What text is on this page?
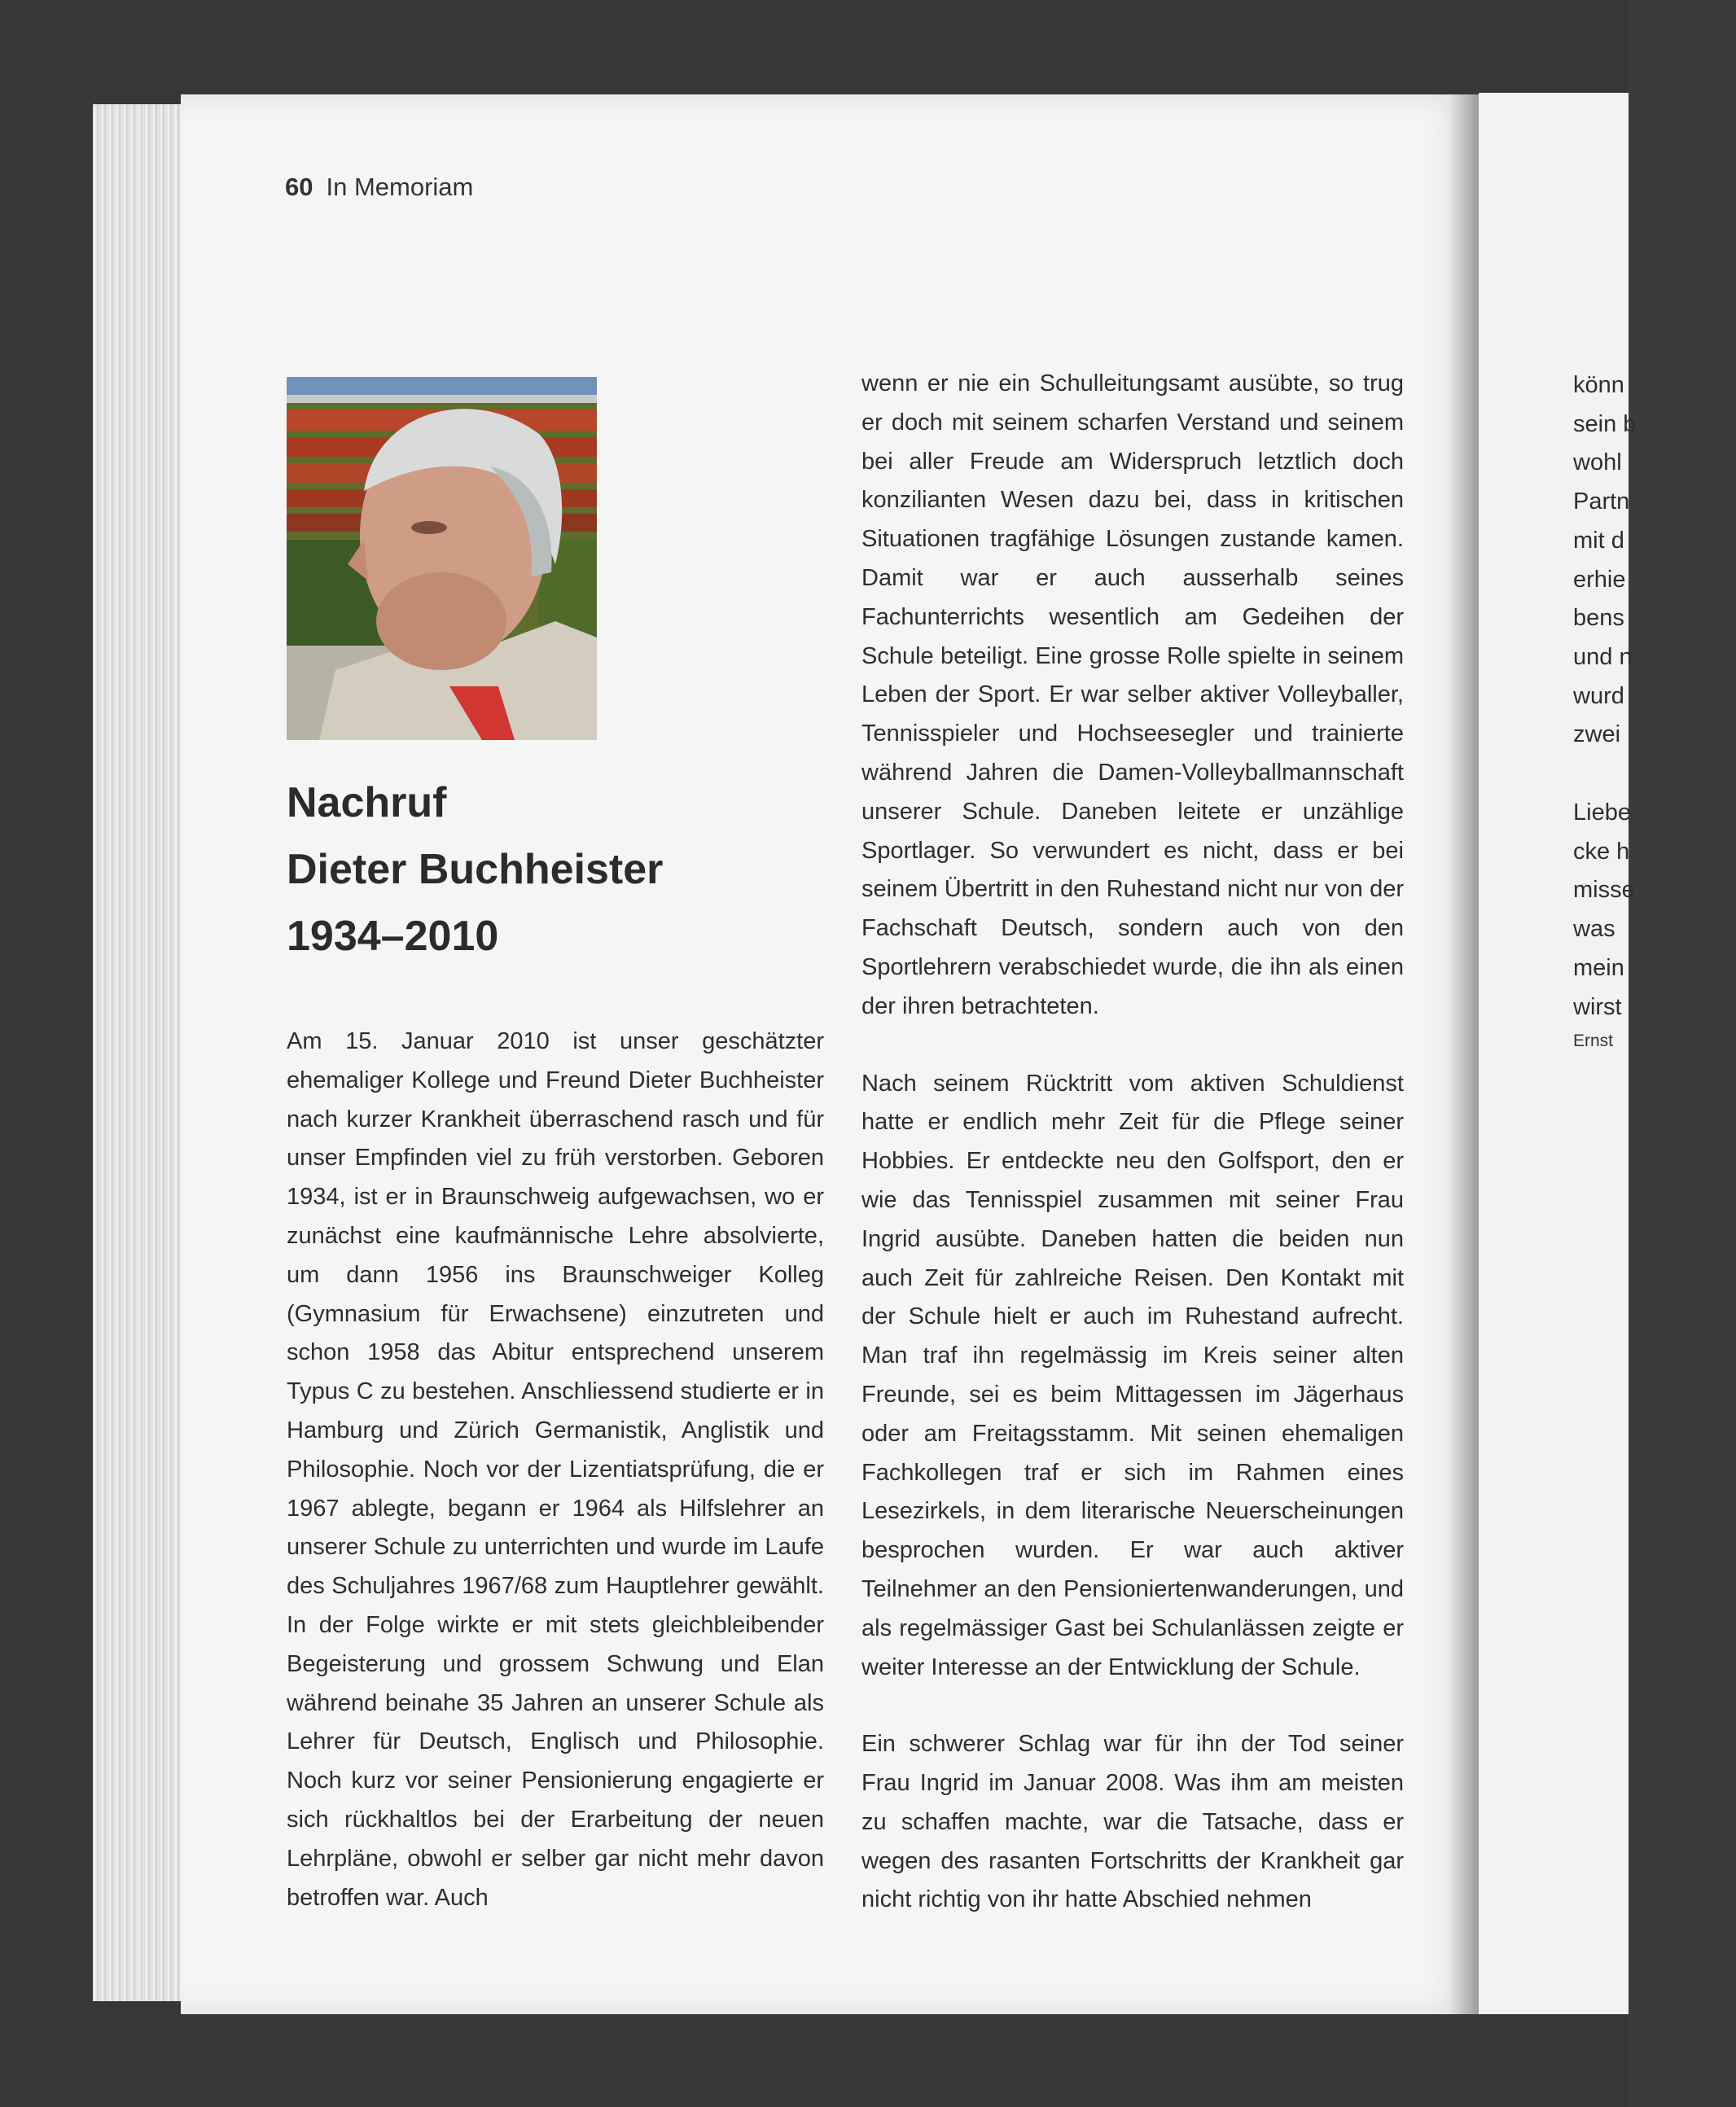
könn
sein b
wohl
Partn
mit d
erhie
bens
und n
wurd
zwei
Liebe
cke h
misse
was
mein
wirst
Ernst
60 In Memoriam
Nachruf
Dieter Buchheister
1934–2010

Am 15. Januar 2010 ist unser geschätzter ehemaliger Kollege und Freund Dieter Buchheister nach kurzer Krankheit überraschend rasch und für unser Empfinden viel zu früh verstorben. Geboren 1934, ist er in Braunschweig aufgewachsen, wo er zunächst eine kaufmännische Lehre absolvierte, um dann 1956 ins Braunschweiger Kolleg (Gymnasium für Erwachsene) einzutreten und schon 1958 das Abitur entsprechend unserem Typus C zu bestehen. Anschliessend studierte er in Hamburg und Zürich Germanistik, Anglistik und Philosophie. Noch vor der Lizentiatsprüfung, die er 1967 ablegte, begann er 1964 als Hilfslehrer an unserer Schule zu unterrichten und wurde im Laufe des Schuljahres 1967/68 zum Hauptlehrer gewählt. In der Folge wirkte er mit stets gleichbleibender Begeisterung und grossem Schwung und Elan während beinahe 35 Jahren an unserer Schule als Lehrer für Deutsch, Englisch und Philosophie. Noch kurz vor seiner Pensionierung engagierte er sich rückhaltlos bei der Erarbeitung der neuen Lehrpläne, obwohl er selber gar nicht mehr davon betroffen war. Auch

wenn er nie ein Schulleitungsamt ausübte, so trug er doch mit seinem scharfen Verstand und seinem bei aller Freude am Widerspruch letztlich doch konzilianten Wesen dazu bei, dass in kritischen Situationen tragfähige Lösungen zustande kamen. Damit war er auch ausserhalb seines Fachunterrichts wesentlich am Gedeihen der Schule beteiligt. Eine grosse Rolle spielte in seinem Leben der Sport. Er war selber aktiver Volleyballer, Tennisspieler und Hochseesegler und trainierte während Jahren die Damen-Volleyballmannschaft unserer Schule. Daneben leitete er unzählige Sportlager. So verwundert es nicht, dass er bei seinem Übertritt in den Ruhestand nicht nur von der Fachschaft Deutsch, sondern auch von den Sportlehrern verabschiedet wurde, die ihn als einen der ihren betrachteten.

Nach seinem Rücktritt vom aktiven Schuldienst hatte er endlich mehr Zeit für die Pflege seiner Hobbies. Er entdeckte neu den Golfsport, den er wie das Tennisspiel zusammen mit seiner Frau Ingrid ausübte. Daneben hatten die beiden nun auch Zeit für zahlreiche Reisen. Den Kontakt mit der Schule hielt er auch im Ruhestand aufrecht. Man traf ihn regelmässig im Kreis seiner alten Freunde, sei es beim Mittagessen im Jägerhaus oder am Freitagsstamm. Mit seinen ehemaligen Fachkollegen traf er sich im Rahmen eines Lesezirkels, in dem literarische Neuerscheinungen besprochen wurden. Er war auch aktiver Teilnehmer an den Pensioniertenwanderungen, und als regelmässiger Gast bei Schulanlässen zeigte er weiter Interesse an der Entwicklung der Schule.

Ein schwerer Schlag war für ihn der Tod seiner Frau Ingrid im Januar 2008. Was ihm am meisten zu schaffen machte, war die Tatsache, dass er wegen des rasanten Fortschritts der Krankheit gar nicht richtig von ihr hatte Abschied nehmen
